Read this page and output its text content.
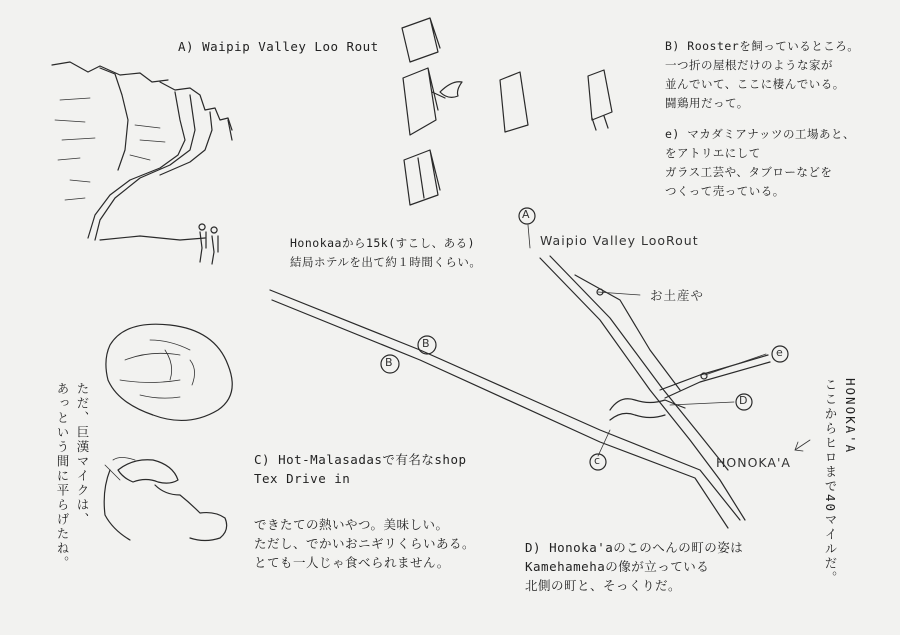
A) Waipip Valley Loo Rout	B) Roosterを飼っているところ。
一つ折の屋根だけのような家が
並んでいて、ここに棲んでいる。
闘鶏用だって。
e) マカダミアナッツの工場あと、
をアトリエにして
ガラス工芸や、タブローなどを
つくって売っている。
Honokaaから15k(すこし、ある)
結局ホテルを出て約１時間くらい。
C) Hot-Malasadasで有名なshop
Tex Drive in
できたての熱いやつ。美味しい。
ただし、でかいおニギリくらいある。
とても一人じゃ食べられません。
D) Honoka'aのこのへんの町の姿は
Kamehamehaの像が立っている
北側の町と、そっくりだ。
ただ、巨漢マイクは、
あっという間に平らげたね。	HONOKA'A
ここからヒロまで40マイルだ。
A
B
B
c
D
e
Waipio Valley LooRout
お土産や
HONOKA'A
